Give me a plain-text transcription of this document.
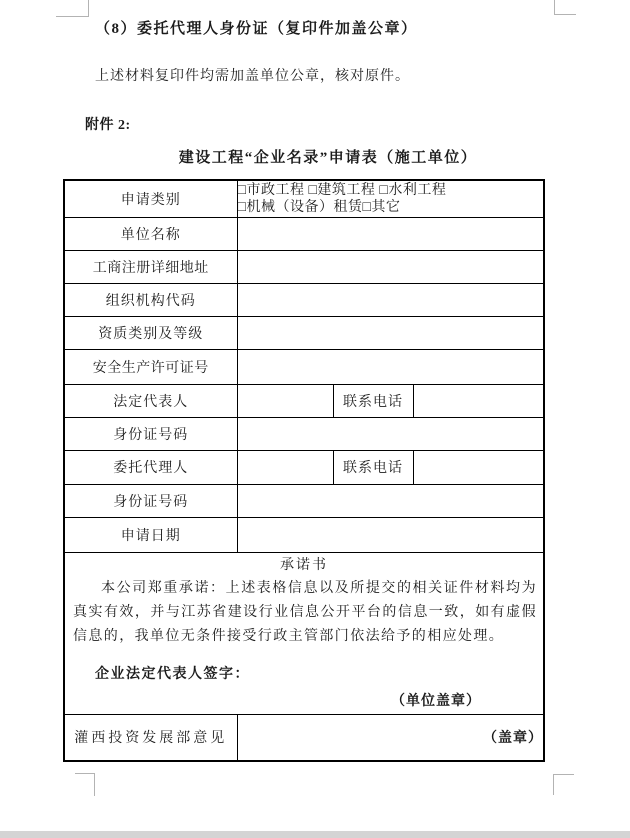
（8）委托代理人身份证（复印件加盖公章）
上述材料复印件均需加盖单位公章，核对原件。
附件 2:
建设工程“企业名录”申请表（施工单位）
申请类别	□市政工程 □建筑工程 □水利工程
□机械（设备）租赁□其它		

单位名称			
工商注册详细地址			
组织机构代码			
资质类别及等级			
安全生产许可证号			
法定代表人		联系电话	
身份证号码			
委托代理人		联系电话	
身份证号码			
申请日期			

承诺书
本公司郑重承诺：上述表格信息以及所提交的相关证件材料均为真实有效，并与江苏省建设行业信息公开平台的信息一致，如有虚假信息的，我单位无条件接受行政主管部门依法给予的相应处理。
企业法定代表人签字：
（单位盖章）			

灌西投资发展部意见	（盖章）		
